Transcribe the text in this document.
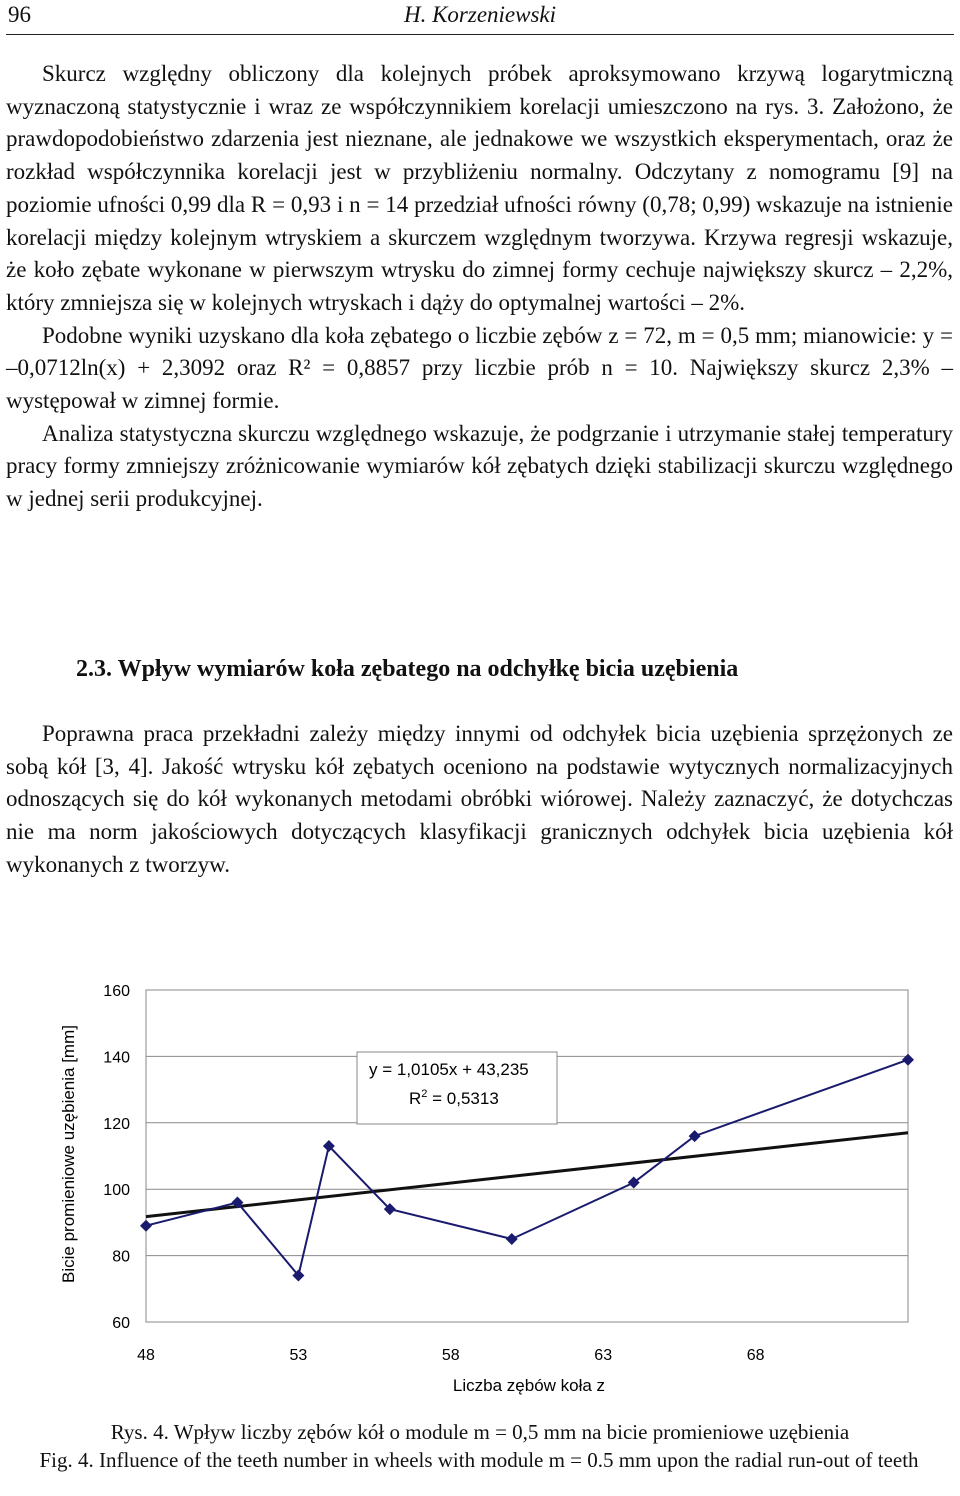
96	H. Korzeniewski

Skurcz względny obliczony dla kolejnych próbek aproksymowano krzywą logarytmiczną wyznaczoną statystycznie i wraz ze współczynnikiem korelacji umieszczono na rys. 3. Założono, że prawdopodobieństwo zdarzenia jest nieznane, ale jednakowe we wszystkich eksperymentach, oraz że rozkład współczynnika korelacji jest w przybliżeniu normalny. Odczytany z nomogramu [9] na poziomie ufności 0,99 dla R = 0,93 i n = 14 przedział ufności równy (0,78; 0,99) wskazuje na istnienie korelacji między kolejnym wtryskiem a skurczem względnym tworzywa. Krzywa regresji wskazuje, że koło zębate wykonane w pierwszym wtrysku do zimnej formy cechuje największy skurcz – 2,2%, który zmniejsza się w kolejnych wtryskach i dąży do optymalnej wartości – 2%.

Podobne wyniki uzyskano dla koła zębatego o liczbie zębów z = 72, m = 0,5 mm; mianowicie: y = –0,0712ln(x) + 2,3092 oraz R² = 0,8857 przy liczbie prób n = 10. Największy skurcz 2,3% – występował w zimnej formie.

Analiza statystyczna skurczu względnego wskazuje, że podgrzanie i utrzymanie stałej temperatury pracy formy zmniejszy zróżnicowanie wymiarów kół zębatych dzięki stabilizacji skurczu względnego w jednej serii produkcyjnej.

2.3. Wpływ wymiarów koła zębatego na odchyłkę bicia uzębienia

Poprawna praca przekładni zależy między innymi od odchyłek bicia uzębienia sprzężonych ze sobą kół [3, 4]. Jakość wtrysku kół zębatych oceniono na podstawie wytycznych normalizacyjnych odnoszących się do kół wykonanych metodami obróbki wiórowej. Należy zaznaczyć, że dotychczas nie ma norm jakościowych dotyczących klasyfikacji granicznych odchyłek bicia uzębienia kół wykonanych z tworzyw.

60
80
100
120
140
160
48	53	58	63	68
y = 1,0105x + 43,235
$R^2 = 0,5313$
Liczba zębów koła z
Bicie promieniowe uzębienia [mm]
Rys. 4. Wpływ liczby zębów kół o module m = 0,5 mm na bicie promieniowe uzębienia
Fig. 4. Influence of the teeth number in wheels with module m = 0.5 mm upon the radial run-out of teeth
